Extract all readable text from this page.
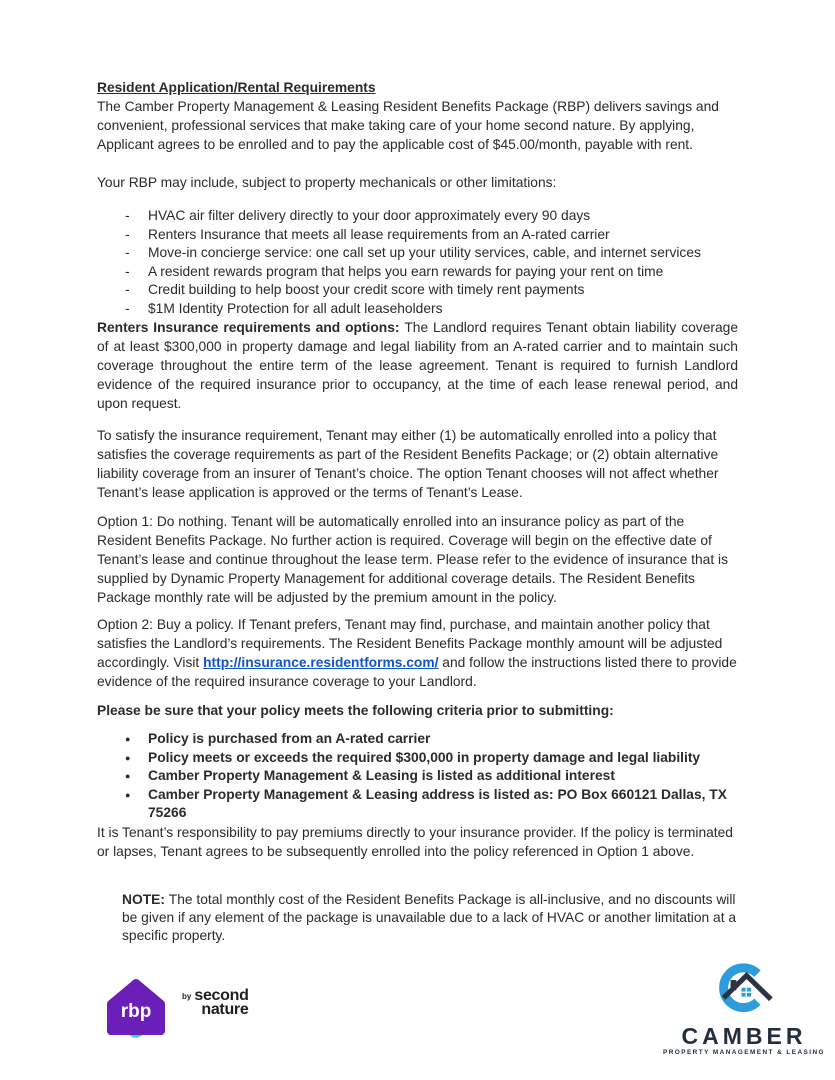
Resident Application/Rental Requirements

The Camber Property Management & Leasing Resident Benefits Package (RBP) delivers savings and convenient, professional services that make taking care of your home second nature. By applying, Applicant agrees to be enrolled and to pay the applicable cost of $45.00/month, payable with rent.

Your RBP may include, subject to property mechanicals or other limitations:

-	HVAC air filter delivery directly to your door approximately every 90 days
-	Renters Insurance that meets all lease requirements from an A-rated carrier
-	Move-in concierge service: one call set up your utility services, cable, and internet services
-	A resident rewards program that helps you earn rewards for paying your rent on time
-	Credit building to help boost your credit score with timely rent payments
-	$1M Identity Protection for all adult leaseholders

Renters Insurance requirements and options: The Landlord requires Tenant obtain liability coverage of at least $300,000 in property damage and legal liability from an A-rated carrier and to maintain such coverage throughout the entire term of the lease agreement. Tenant is required to furnish Landlord evidence of the required insurance prior to occupancy, at the time of each lease renewal period, and upon request.

To satisfy the insurance requirement, Tenant may either (1) be automatically enrolled into a policy that satisfies the coverage requirements as part of the Resident Benefits Package; or (2) obtain alternative liability coverage from an insurer of Tenant’s choice. The option Tenant chooses will not affect whether Tenant’s lease application is approved or the terms of Tenant’s Lease.

Option 1: Do nothing. Tenant will be automatically enrolled into an insurance policy as part of the Resident Benefits Package. No further action is required. Coverage will begin on the effective date of Tenant’s lease and continue throughout the lease term. Please refer to the evidence of insurance that is supplied by Dynamic Property Management for additional coverage details. The Resident Benefits Package monthly rate will be adjusted by the premium amount in the policy.

Option 2: Buy a policy. If Tenant prefers, Tenant may find, purchase, and maintain another policy that satisfies the Landlord’s requirements. The Resident Benefits Package monthly amount will be adjusted accordingly. Visit http://insurance.residentforms.com/ and follow the instructions listed there to provide evidence of the required insurance coverage to your Landlord.

Please be sure that your policy meets the following criteria prior to submitting:

●	Policy is purchased from an A-rated carrier
●	Policy meets or exceeds the required $300,000 in property damage and legal liability
●	Camber Property Management & Leasing is listed as additional interest
●	Camber Property Management & Leasing address is listed as: PO Box 660121 Dallas, TX 75266

It is Tenant’s responsibility to pay premiums directly to your insurance provider. If the policy is terminated or lapses, Tenant agrees to be subsequently enrolled into the policy referenced in Option 1 above.

NOTE: The total monthly cost of the Resident Benefits Package is all-inclusive, and no discounts will be given if any element of the package is unavailable due to a lack of HVAC or another limitation at a specific property.

rbp
by second
nature
CAMBER
PROPERTY MANAGEMENT & LEASING
